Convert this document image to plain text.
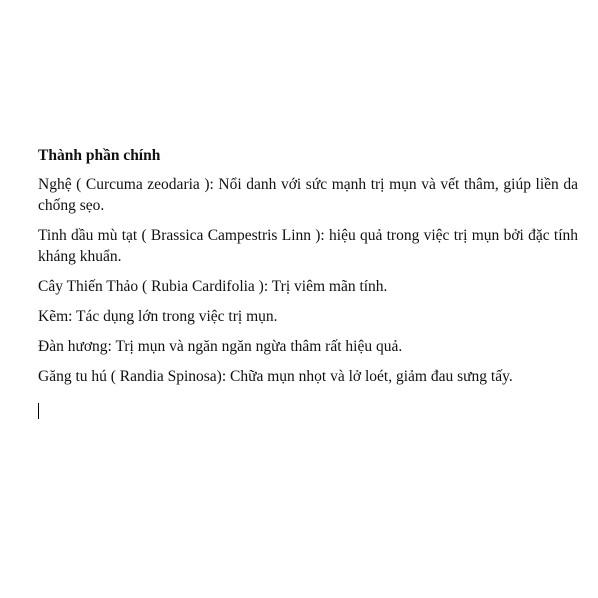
Thành phần chính
Nghệ ( Curcuma zeodaria ): Nổi danh với sức mạnh trị mụn và vết thâm, giúp liền da chống sẹo.
Tinh dầu mù tạt ( Brassica Campestris Linn ): hiệu quả trong việc trị mụn bởi đặc tính kháng khuẩn.
Cây Thiến Thảo ( Rubia Cardifolia ): Trị viêm mãn tính.
Kẽm: Tác dụng lớn trong việc trị mụn.
Đàn hương: Trị mụn và ngăn ngăn ngừa thâm rất hiệu quả.
Găng tu hú ( Randia Spinosa): Chữa mụn nhọt và lở loét, giảm đau sưng tấy.
